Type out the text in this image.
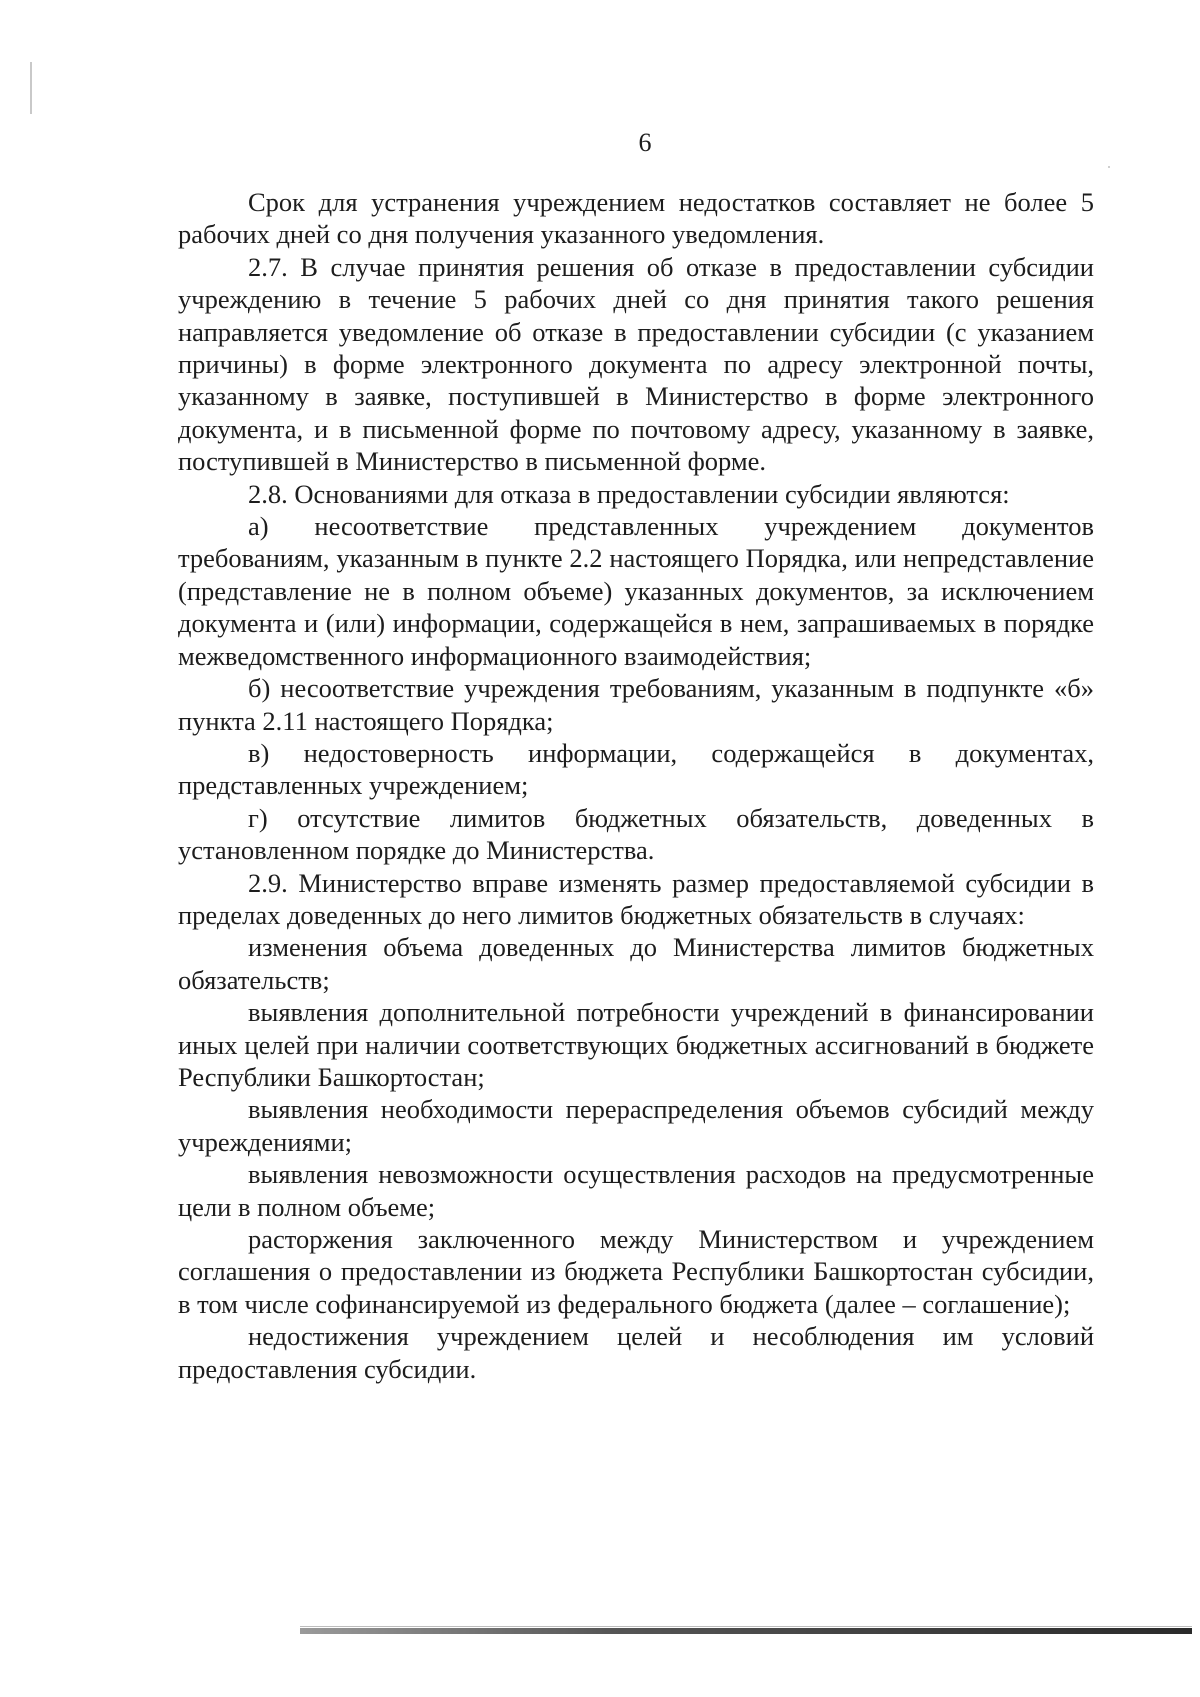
6

Срок для устранения учреждением недостатков составляет не более 5 рабочих дней со дня получения указанного уведомления.

2.7. В случае принятия решения об отказе в предоставлении субсидии учреждению в течение 5 рабочих дней со дня принятия такого решения направляется уведомление об отказе в предоставлении субсидии (с указанием причины) в форме электронного документа по адресу электронной почты, указанному в заявке, поступившей в Министерство в форме электронного документа, и в письменной форме по почтовому адресу, указанному в заявке, поступившей в Министерство в письменной форме.

2.8. Основаниями для отказа в предоставлении субсидии являются:

а) несоответствие представленных учреждением документов требованиям, указанным в пункте 2.2 настоящего Порядка, или непредставление (представление не в полном объеме) указанных документов, за исключением документа и (или) информации, содержащейся в нем, запрашиваемых в порядке межведомственного информационного взаимодействия;

б) несоответствие учреждения требованиям, указанным в подпункте «б» пункта 2.11 настоящего Порядка;

в) недостоверность информации, содержащейся в документах, представленных учреждением;

г) отсутствие лимитов бюджетных обязательств, доведенных в установленном порядке до Министерства.

2.9. Министерство вправе изменять размер предоставляемой субсидии в пределах доведенных до него лимитов бюджетных обязательств в случаях:

изменения объема доведенных до Министерства лимитов бюджетных обязательств;

выявления дополнительной потребности учреждений в финансировании иных целей при наличии соответствующих бюджетных ассигнований в бюджете Республики Башкортостан;

выявления необходимости перераспределения объемов субсидий между учреждениями;

выявления невозможности осуществления расходов на предусмотренные цели в полном объеме;

расторжения заключенного между Министерством и учреждением соглашения о предоставлении из бюджета Республики Башкортостан субсидии, в том числе софинансируемой из федерального бюджета (далее – соглашение);

недостижения учреждением целей и несоблюдения им условий предоставления субсидии.
